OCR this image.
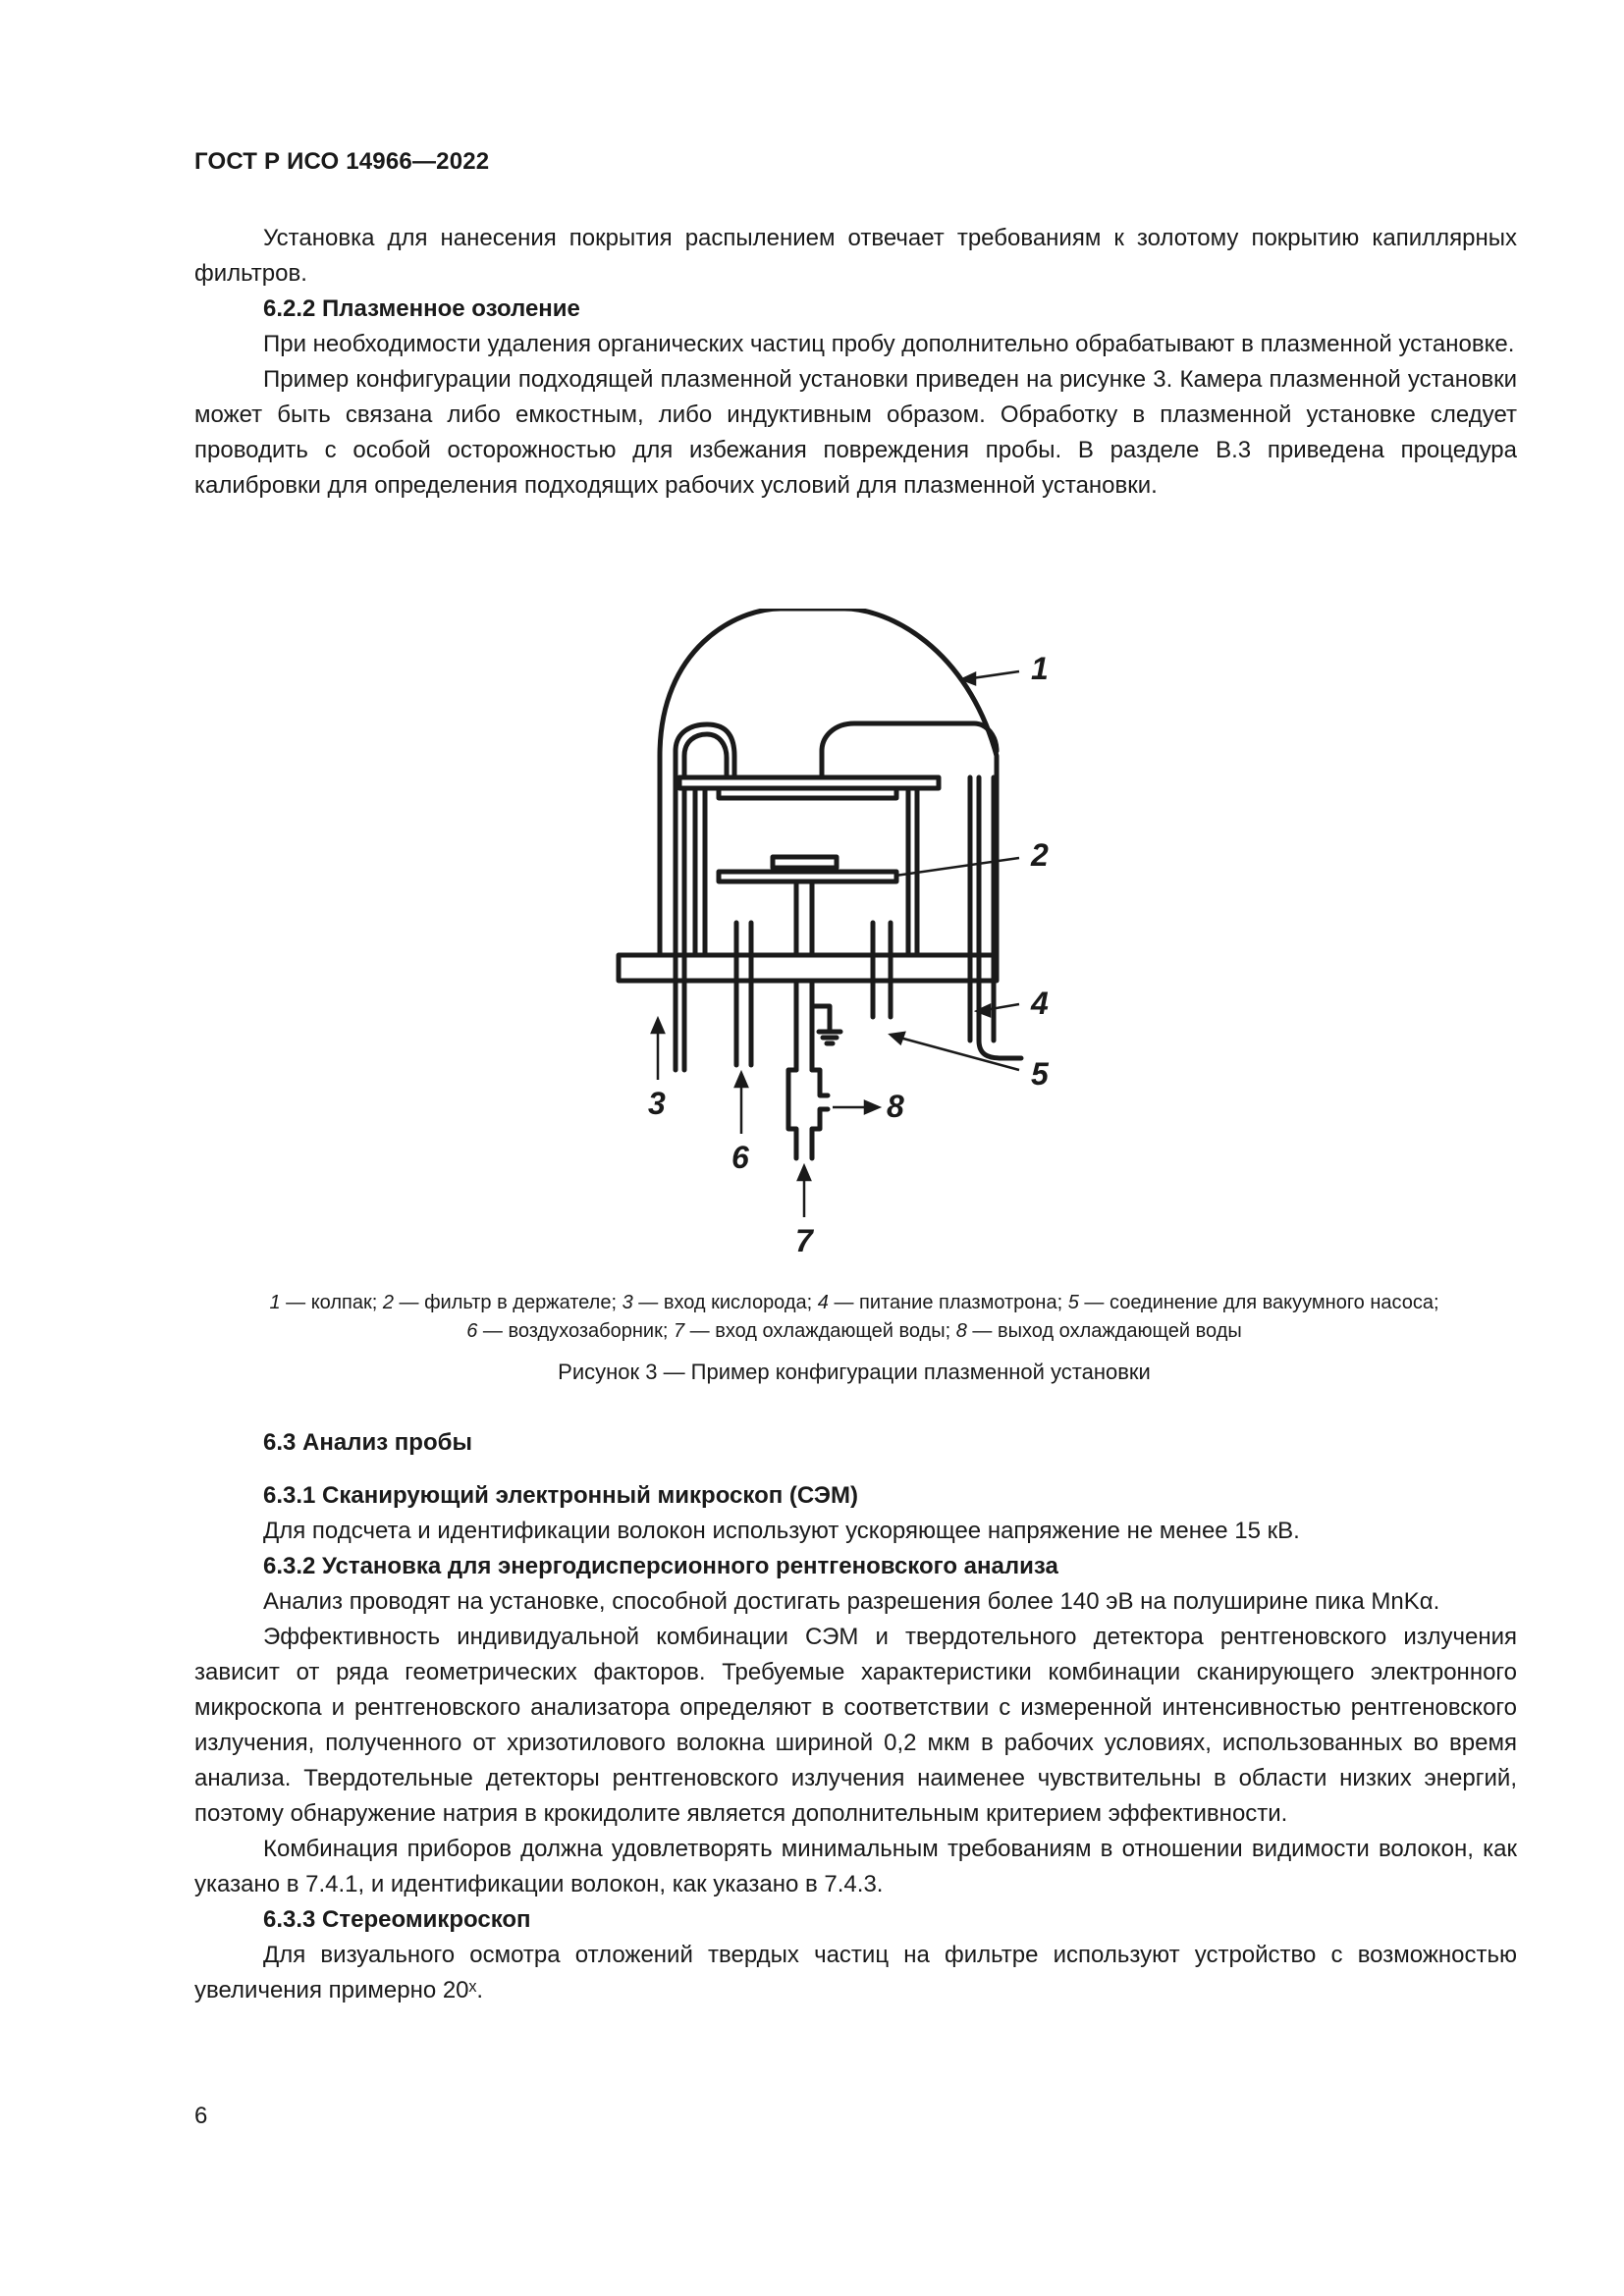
ГОСТ Р ИСО 14966—2022

Установка для нанесения покрытия распылением отвечает требованиям к золотому покрытию капиллярных фильтров.

6.2.2 Плазменное озоление

При необходимости удаления органических частиц пробу дополнительно обрабатывают в плазменной установке.

Пример конфигурации подходящей плазменной установки приведен на рисунке 3. Камера плазменной установки может быть связана либо емкостным, либо индуктивным образом. Обработку в плазменной установке следует проводить с особой осторожностью для избежания повреждения пробы. В разделе B.3 приведена процедура калибровки для определения подходящих рабочих условий для плазменной установки.

1
2
3
4
5
6
7
8
1 — колпак; 2 — фильтр в держателе; 3 — вход кислорода; 4 — питание плазмотрона; 5 — соединение для вакуумного насоса;
6 — воздухозаборник; 7 — вход охлаждающей воды; 8 — выход охлаждающей воды
Рисунок 3 — Пример конфигурации плазменной установки

6.3 Анализ пробы

6.3.1 Сканирующий электронный микроскоп (СЭМ)

Для подсчета и идентификации волокон используют ускоряющее напряжение не менее 15 кВ.

6.3.2 Установка для энергодисперсионного рентгеновского анализа

Анализ проводят на установке, способной достигать разрешения более 140 эВ на полуширине пика MnKα.

Эффективность индивидуальной комбинации СЭМ и твердотельного детектора рентгеновского излучения зависит от ряда геометрических факторов. Требуемые характеристики комбинации сканирующего электронного микроскопа и рентгеновского анализатора определяют в соответствии с измеренной интенсивностью рентгеновского излучения, полученного от хризотилового волокна шириной 0,2 мкм в рабочих условиях, использованных во время анализа. Твердотельные детекторы рентгеновского излучения наименее чувствительны в области низких энергий, поэтому обнаружение натрия в крокидолите является дополнительным критерием эффективности.

Комбинация приборов должна удовлетворять минимальным требованиям в отношении видимости волокон, как указано в 7.4.1, и идентификации волокон, как указано в 7.4.3.

6.3.3 Стереомикроскоп

Для визуального осмотра отложений твердых частиц на фильтре используют устройство с возможностью увеличения примерно 20ˣ.

6
